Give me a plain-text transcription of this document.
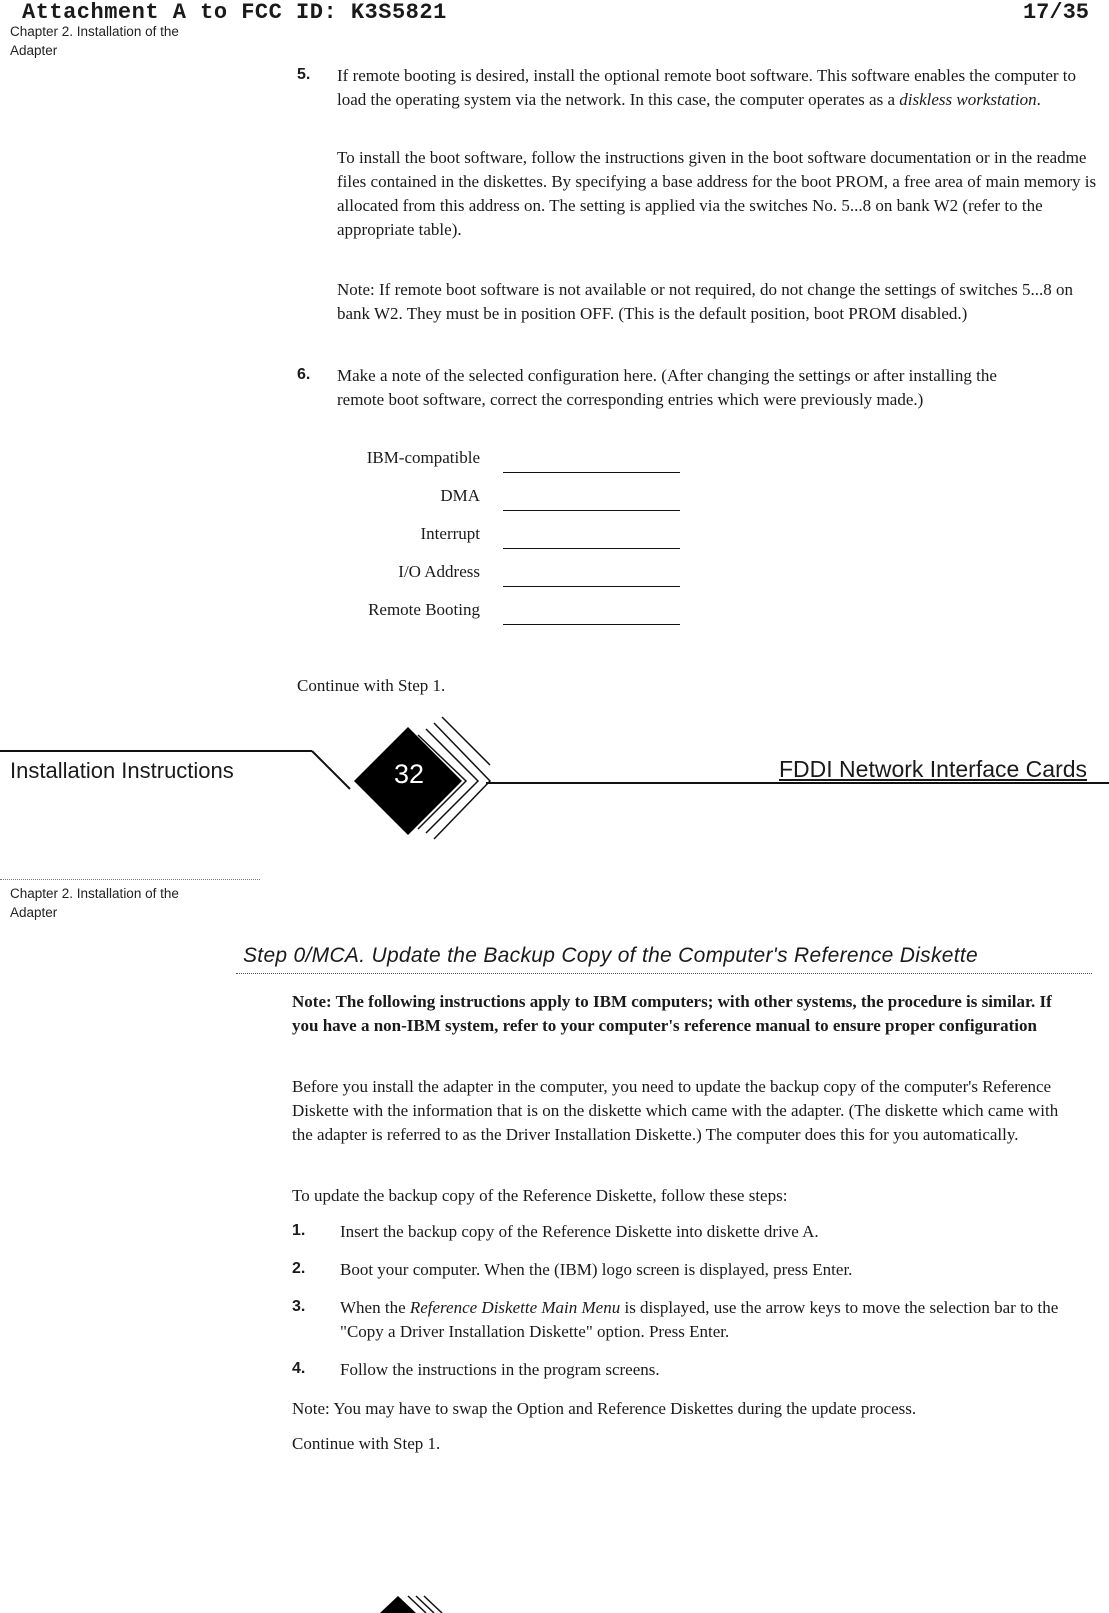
Attachment A to FCC ID: K3S5821	17/35
Chapter 2. Installation of the
Adapter
5. If remote booting is desired, install the optional remote boot software. This software enables the computer to load the operating system via the network. In this case, the computer operates as a diskless workstation.
To install the boot software, follow the instructions given in the boot software documentation or in the readme files contained in the diskettes. By specifying a base address for the boot PROM, a free area of main memory is allocated from this address on. The setting is applied via the switches No. 5...8 on bank W2 (refer to the appropriate table).
Note: If remote boot software is not available or not required, do not change the settings of switches 5...8 on bank W2. They must be in position OFF. (This is the default position, boot PROM disabled.)
6. Make a note of the selected configuration here. (After changing the settings or after installing the remote boot software, correct the corresponding entries which were previously made.)
IBM-compatible
DMA
Interrupt
I/O Address
Remote Booting
Continue with Step 1.
32
Installation Instructions	FDDI Network Interface Cards
Chapter 2. Installation of the
Adapter
Step 0/MCA. Update the Backup Copy of the Computer's Reference Diskette
Note: The following instructions apply to IBM computers; with other systems, the procedure is similar. If you have a non-IBM system, refer to your computer's reference manual to ensure proper configuration
Before you install the adapter in the computer, you need to update the backup copy of the computer's Reference Diskette with the information that is on the diskette which came with the adapter. (The diskette which came with the adapter is referred to as the Driver Installation Diskette.) The computer does this for you automatically.
To update the backup copy of the Reference Diskette, follow these steps:
1. Insert the backup copy of the Reference Diskette into diskette drive A.
2. Boot your computer. When the (IBM) logo screen is displayed, press Enter.
3. When the Reference Diskette Main Menu is displayed, use the arrow keys to move the selection bar to the "Copy a Driver Installation Diskette" option. Press Enter.
4. Follow the instructions in the program screens.
Note: You may have to swap the Option and Reference Diskettes during the update process.
Continue with Step 1.
